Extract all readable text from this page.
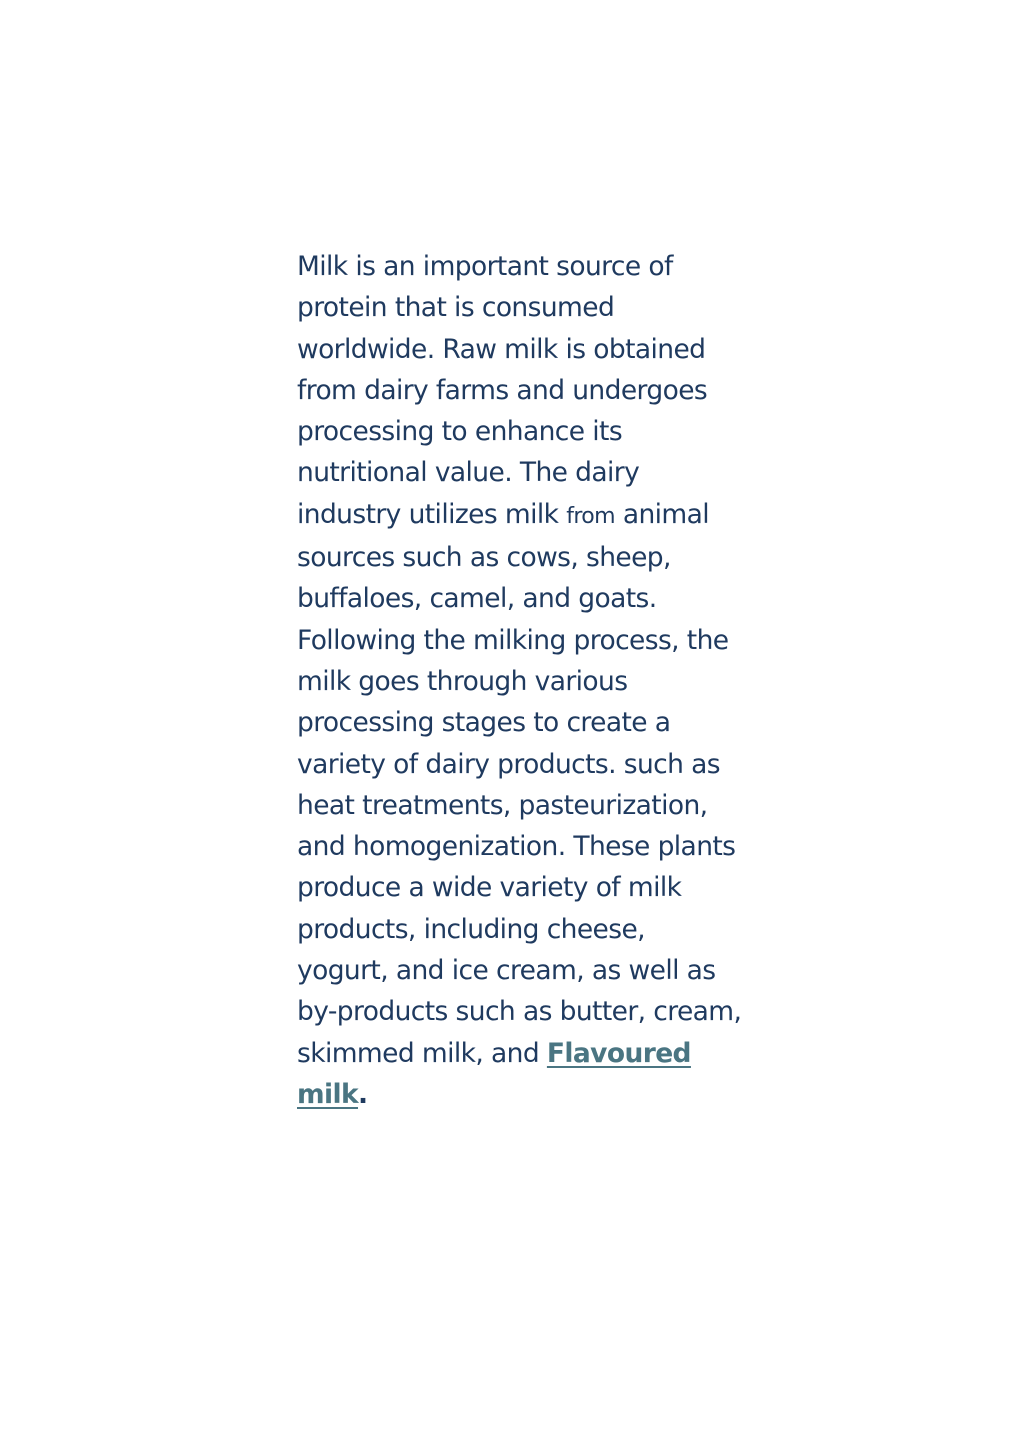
Milk is an important source of
protein that is consumed
worldwide. Raw milk is obtained
from dairy farms and undergoes
processing to enhance its
nutritional value. The dairy
industry utilizes milk from animal
sources such as cows, sheep,
buffaloes, camel, and goats.
Following the milking process, the
milk goes through various
processing stages to create a
variety of dairy products. such as
heat treatments, pasteurization,
and homogenization. These plants
produce a wide variety of milk
products, including cheese,
yogurt, and ice cream, as well as
by-products such as butter, cream,
skimmed milk, and Flavoured
milk.
